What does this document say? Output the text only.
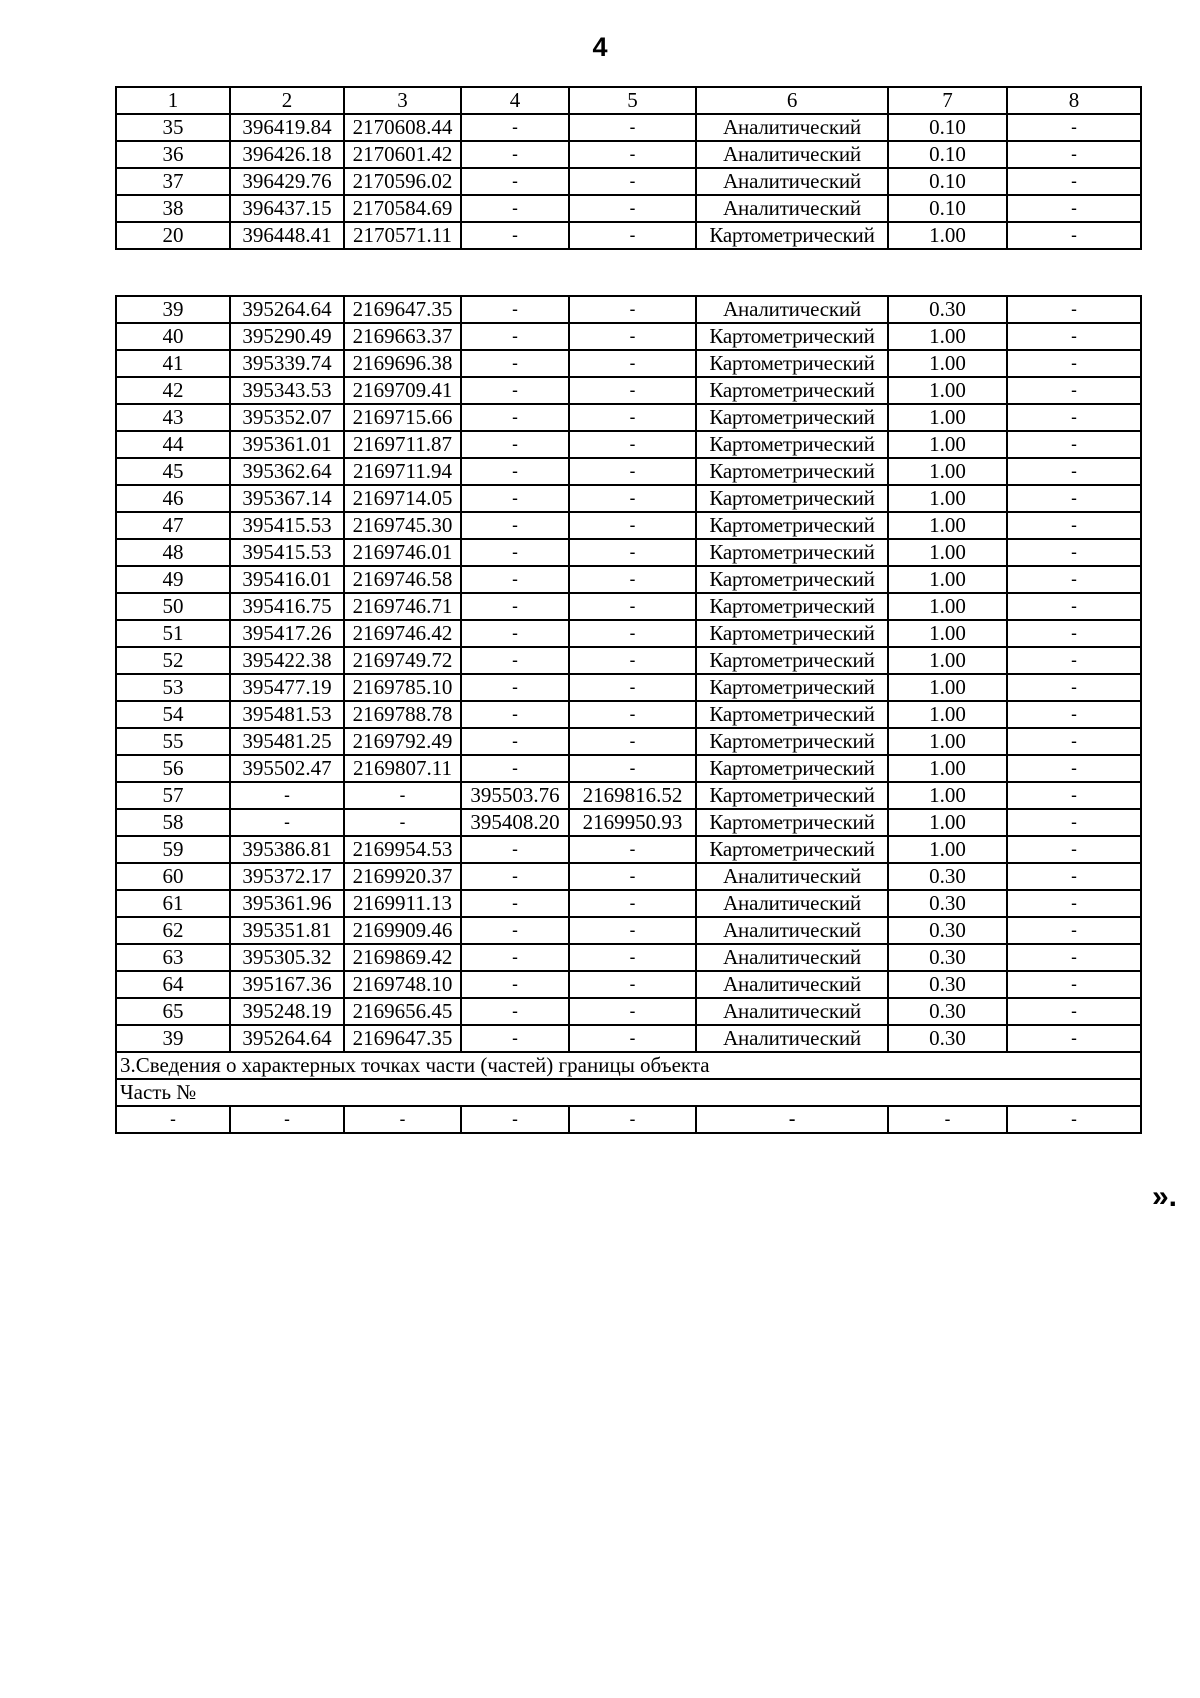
4
1	2	3	4	5	6	7	8
35	396419.84	2170608.44	-	-	Аналитический	0.10	-
36	396426.18	2170601.42	-	-	Аналитический	0.10	-
37	396429.76	2170596.02	-	-	Аналитический	0.10	-
38	396437.15	2170584.69	-	-	Аналитический	0.10	-
20	396448.41	2170571.11	-	-	Картометрический	1.00	-
39	395264.64	2169647.35	-	-	Аналитический	0.30	-
40	395290.49	2169663.37	-	-	Картометрический	1.00	-
41	395339.74	2169696.38	-	-	Картометрический	1.00	-
42	395343.53	2169709.41	-	-	Картометрический	1.00	-
43	395352.07	2169715.66	-	-	Картометрический	1.00	-
44	395361.01	2169711.87	-	-	Картометрический	1.00	-
45	395362.64	2169711.94	-	-	Картометрический	1.00	-
46	395367.14	2169714.05	-	-	Картометрический	1.00	-
47	395415.53	2169745.30	-	-	Картометрический	1.00	-
48	395415.53	2169746.01	-	-	Картометрический	1.00	-
49	395416.01	2169746.58	-	-	Картометрический	1.00	-
50	395416.75	2169746.71	-	-	Картометрический	1.00	-
51	395417.26	2169746.42	-	-	Картометрический	1.00	-
52	395422.38	2169749.72	-	-	Картометрический	1.00	-
53	395477.19	2169785.10	-	-	Картометрический	1.00	-
54	395481.53	2169788.78	-	-	Картометрический	1.00	-
55	395481.25	2169792.49	-	-	Картометрический	1.00	-
56	395502.47	2169807.11	-	-	Картометрический	1.00	-
57	-	-	395503.76	2169816.52	Картометрический	1.00	-
58	-	-	395408.20	2169950.93	Картометрический	1.00	-
59	395386.81	2169954.53	-	-	Картометрический	1.00	-
60	395372.17	2169920.37	-	-	Аналитический	0.30	-
61	395361.96	2169911.13	-	-	Аналитический	0.30	-
62	395351.81	2169909.46	-	-	Аналитический	0.30	-
63	395305.32	2169869.42	-	-	Аналитический	0.30	-
64	395167.36	2169748.10	-	-	Аналитический	0.30	-
65	395248.19	2169656.45	-	-	Аналитический	0.30	-
39	395264.64	2169647.35	-	-	Аналитический	0.30	-
3.Сведения о характерных точках части (частей) границы объекта							
Часть №							
-	-	-	-	-	-	-	-
».
